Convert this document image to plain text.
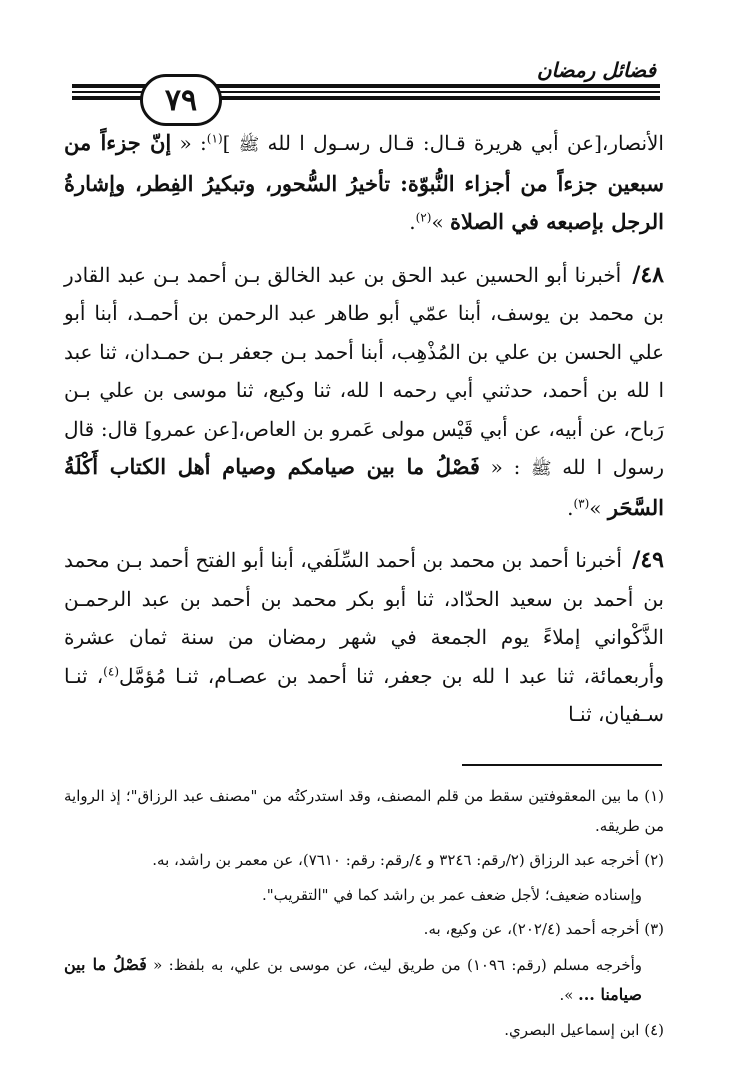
فضائل رمضان
٧٩

الأنصار،[عن أبي هريرة قـال: قـال رسـول ا لله ﷺ ]$^{(١)}$: « إنّ جزءاً من سبعين جزءاً من أجزاء النُّبوّة: تأخيرُ السُّحور، وتبكيرُ الفِطر، وإشارةُ الرجل بإصبعه في الصلاة »$^{(٢)}$.

٤٨/ أخبرنا أبو الحسين عبد الحق بن عبد الخالق بـن أحمد بـن عبد القادر بن محمد بن يوسف، أبنا عمّي أبو طاهر عبد الرحمن بن أحمـد، أبنا أبو علي الحسن بن علي بن المُذْهِب، أبنا أحمد بـن جعفر بـن حمـدان، ثنا عبد ا لله بن أحمد، حدثني أبي رحمه ا لله، ثنا وكيع، ثنا موسى بن علي بـن رَباح، عن أبيه، عن أبي قَيْس مولى عَمرو بن العاص،[عن عمرو] قال: قال رسول ا لله ﷺ : « فَصْلُ ما بين صيامكم وصيام أهل الكتاب أَكْلَةُ السَّحَر »$^{(٣)}$.

٤٩/ أخبرنا أحمد بن محمد بن أحمد السِّلَفي، أبنا أبو الفتح أحمد بـن محمد بن أحمد بن سعيد الحدّاد، ثنا أبو بكر محمد بن أحمد بن عبد الرحمـن الذَّكْواني إملاءً يوم الجمعة في شهر رمضان من سنة ثمان عشرة وأربعمائة، ثنا عبد ا لله بن جعفر، ثنا أحمد بن عصـام، ثنـا مُؤمَّل$^{(٤)}$، ثنـا سـفيان، ثنـا

(١) ما بين المعقوفتين سقط من قلم المصنف، وقد استدركتُه من "مصنف عبد الرزاق"؛ إذ الرواية من طريقه.

(٢) أخرجه عبد الرزاق (٢/رقم: ٣٢٤٦ و ٤/رقم: رقم: ٧٦١٠)، عن معمر بن راشد، به.

وإسناده ضعيف؛ لأجل ضعف عمر بن راشد كما في "التقريب".

(٣) أخرجه أحمد (٢٠٢/٤)، عن وكيع، به.

وأخرجه مسلم (رقم: ١٠٩٦) من طريق ليث، عن موسى بن علي، به بلفظ: « فَصْلُ ما بين صيامنا ... ».

(٤) ابن إسماعيل البصري.
